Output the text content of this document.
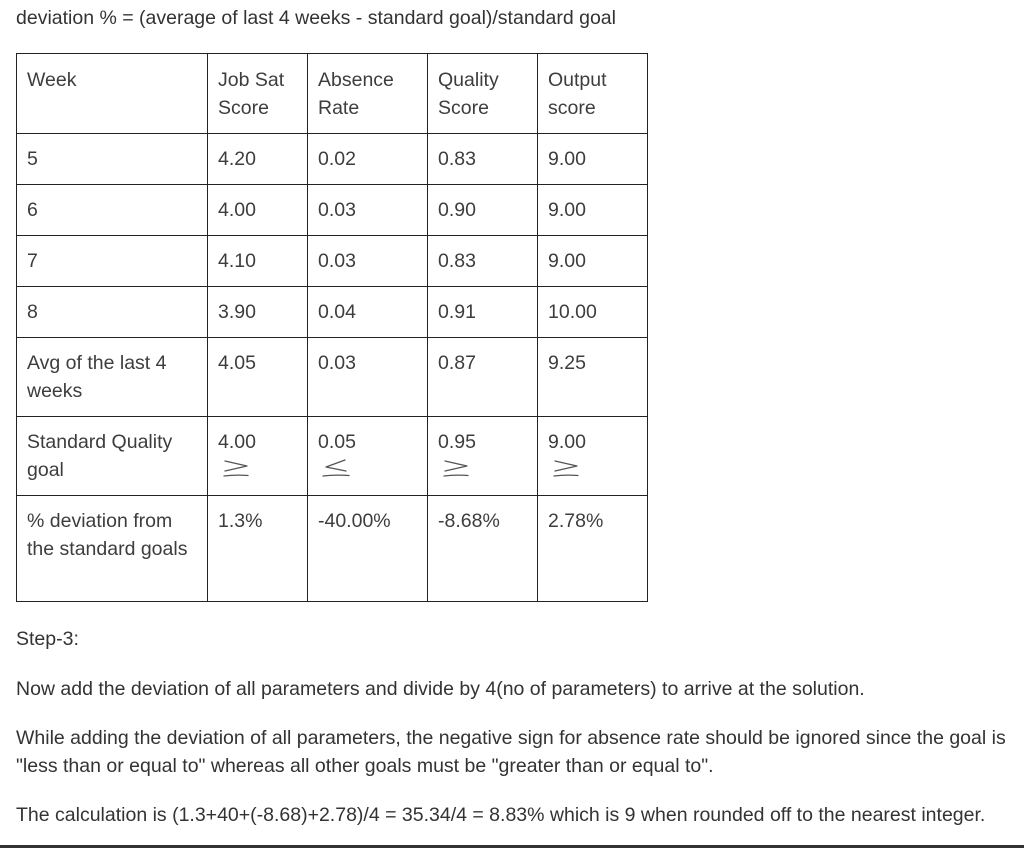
deviation % = (average of last 4 weeks - standard goal)/standard goal

Week	Job Sat Score	Absence Rate	Quality Score	Output score
5	4.20	0.02	0.83	9.00
6	4.00	0.03	0.90	9.00
7	4.10	0.03	0.83	9.00
8	3.90	0.04	0.91	10.00
Avg of the last 4 weeks	4.05	0.03	0.87	9.25
Standard Quality goal	4.00	0.05	0.95	9.00

% deviation from the standard goals	1.3%	-40.00%	-8.68%	2.78%

Step-3:

Now add the deviation of all parameters and divide by 4(no of parameters) to arrive at the solution.

While adding the deviation of all parameters, the negative sign for absence rate should be ignored since the goal is "less than or equal to" whereas all other goals must be "greater than or equal to".

The calculation is (1.3+40+(-8.68)+2.78)/4 = 35.34/4 = 8.83% which is 9 when rounded off to the nearest integer.
